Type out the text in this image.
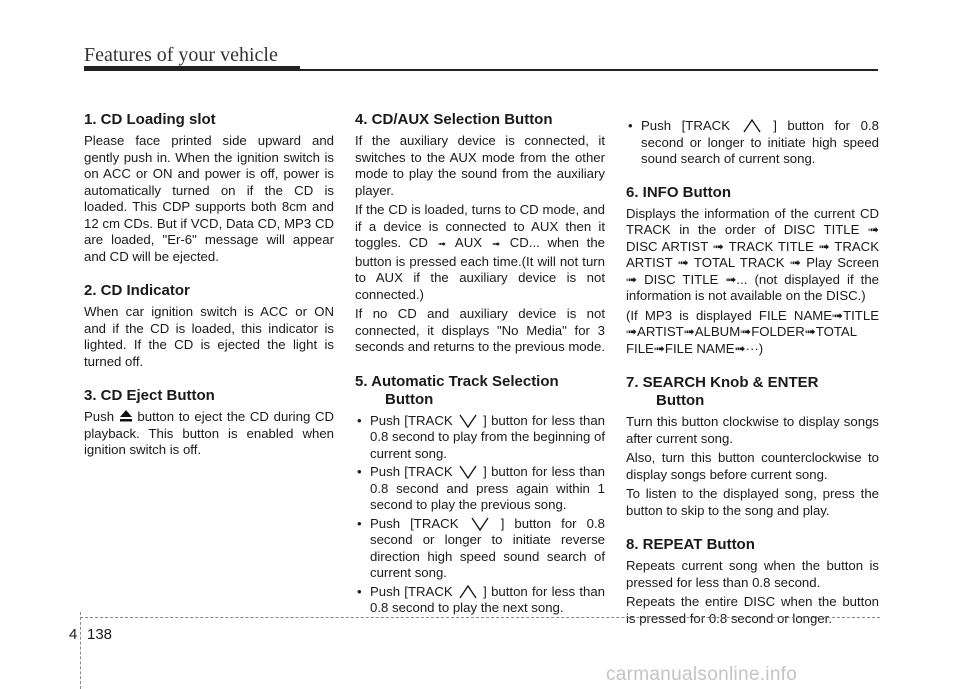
Features of your vehicle
1. CD Loading slot

Please face printed side upward and gently push in. When the ignition switch is on ACC or ON and power is off, power is automatically turned on if the CD is loaded. This CDP supports both 8cm and 12 cm CDs. But if VCD, Data CD, MP3 CD are loaded, "Er-6" message will appear and CD will be ejected.

2. CD Indicator

When car ignition switch is ACC or ON and if the CD is loaded, this indicator is lighted. If the CD is ejected the light is turned off.

3. CD Eject Button

Push button to eject the CD during CD playback. This button is enabled when ignition switch is off.

4. CD/AUX Selection Button

If the auxiliary device is connected, it switches to the AUX mode from the other mode to play the sound from the auxiliary player.

If the CD is loaded, turns to CD mode, and if a device is connected to AUX then it toggles. CD ➟ AUX ➟ CD... when the button is pressed each time.(It will not turn to AUX if the auxiliary device is not connected.)

If no CD and auxiliary device is not connected, it displays "No Media" for 3 seconds and returns to the previous mode.

5. Automatic Track Selection
Button
• Push [TRACK ] button for less than 0.8 second to play from the beginning of current song.
• Push [TRACK ] button for less than 0.8 second and press again within 1 second to play the previous song.
• Push [TRACK	] button for 0.8 second or longer to initiate reverse direction high speed sound search of current song.
• Push [TRACK ] button for less than 0.8 second to play the next song.
• Push [TRACK	] button for 0.8 second or longer to initiate high speed sound search of current song.
6. INFO Button

Displays the information of the current CD TRACK in the order of DISC TITLE ➟ DISC ARTIST ➟ TRACK TITLE ➟ TRACK ARTIST ➟ TOTAL TRACK ➟ Play Screen ➟ DISC TITLE ➟... (not displayed if the information is not available on the DISC.)

(If MP3 is displayed FILE NAME➟TITLE ➟ARTIST➟ALBUM➟FOLDER➟TOTAL FILE➟FILE NAME➟···)

7. SEARCH Knob & ENTER
Button

Turn this button clockwise to display songs after current song.

Also, turn this button counterclockwise to display songs before current song.

To listen to the displayed song, press the button to skip to the song and play.

8. REPEAT Button

Repeats current song when the button is pressed for less than 0.8 second.

Repeats the entire DISC when the button is pressed for 0.8 second or longer.

4 138
carmanualsonline.info
